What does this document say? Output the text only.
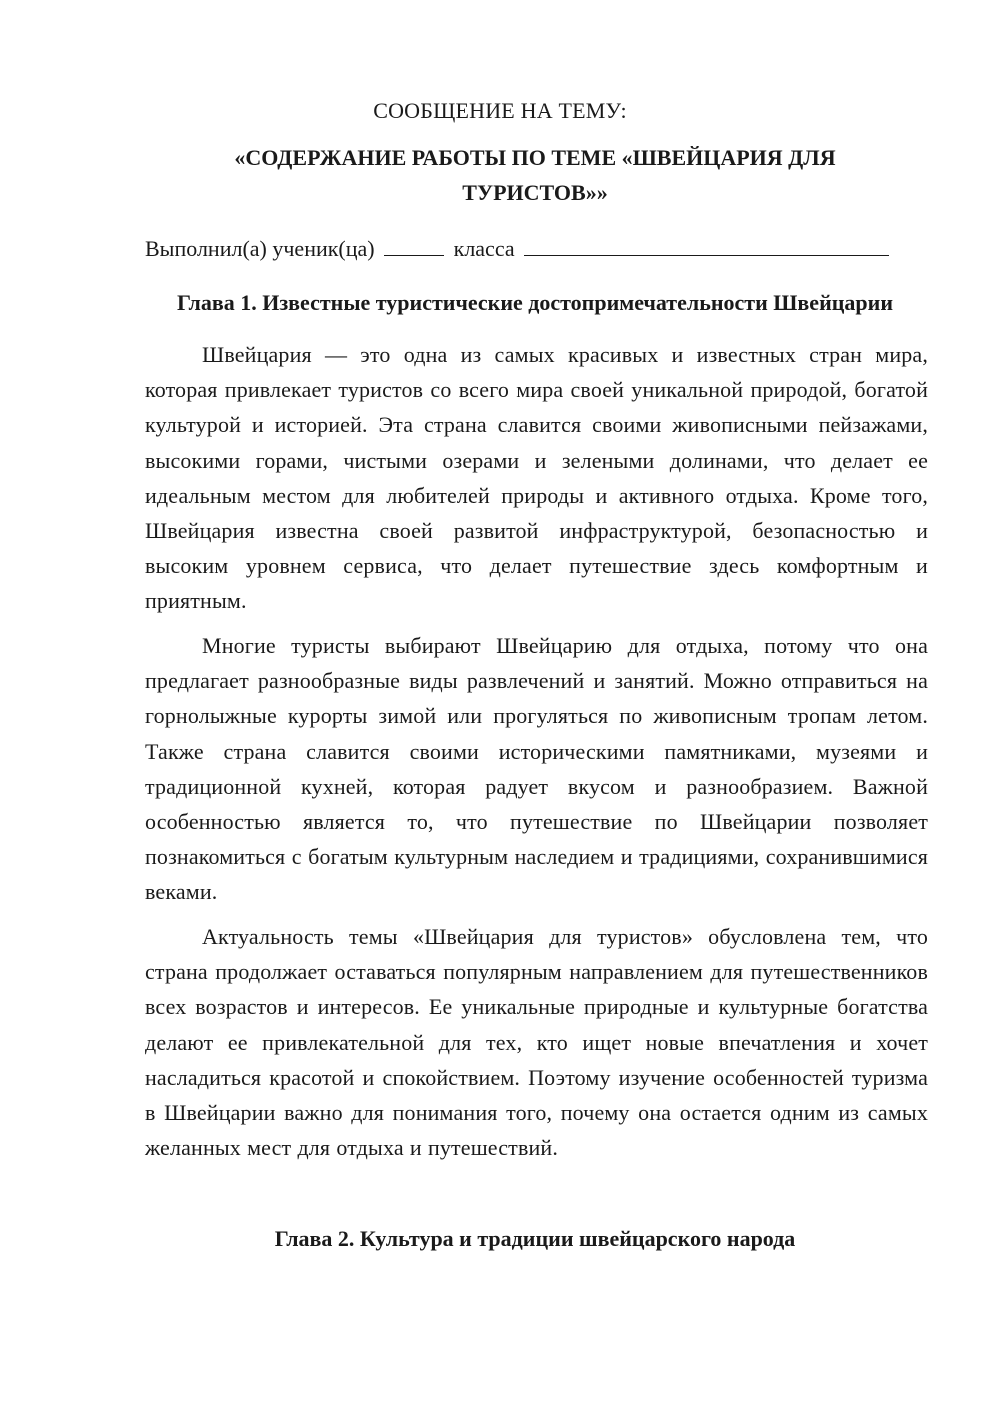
СООБЩЕНИЕ НА ТЕМУ:
«СОДЕРЖАНИЕ РАБОТЫ ПО ТЕМЕ «ШВЕЙЦАРИЯ ДЛЯ
ТУРИСТОВ»»
Выполнил(а) ученик(ца)	класса
Глава 1. Известные туристические достопримечательности Швейцарии

Швейцария — это одна из самых красивых и известных стран мира, которая привлекает туристов со всего мира своей уникальной природой, богатой культурой и историей. Эта страна славится своими живописными пейзажами, высокими горами, чистыми озерами и зелеными долинами, что делает ее идеальным местом для любителей природы и активного отдыха. Кроме того, Швейцария известна своей развитой инфраструктурой, безопасностью и высоким уровнем сервиса, что делает путешествие здесь комфортным и приятным.

Многие туристы выбирают Швейцарию для отдыха, потому что она предлагает разнообразные виды развлечений и занятий. Можно отправиться на горнолыжные курорты зимой или прогуляться по живописным тропам летом. Также страна славится своими историческими памятниками, музеями и традиционной кухней, которая радует вкусом и разнообразием. Важной особенностью является то, что путешествие по Швейцарии позволяет познакомиться с богатым культурным наследием и традициями, сохранившимися веками.

Актуальность темы «Швейцария для туристов» обусловлена тем, что страна продолжает оставаться популярным направлением для путешественников всех возрастов и интересов. Ее уникальные природные и культурные богатства делают ее привлекательной для тех, кто ищет новые впечатления и хочет насладиться красотой и спокойствием. Поэтому изучение особенностей туризма в Швейцарии важно для понимания того, почему она остается одним из самых желанных мест для отдыха и путешествий.

Глава 2. Культура и традиции швейцарского народа
